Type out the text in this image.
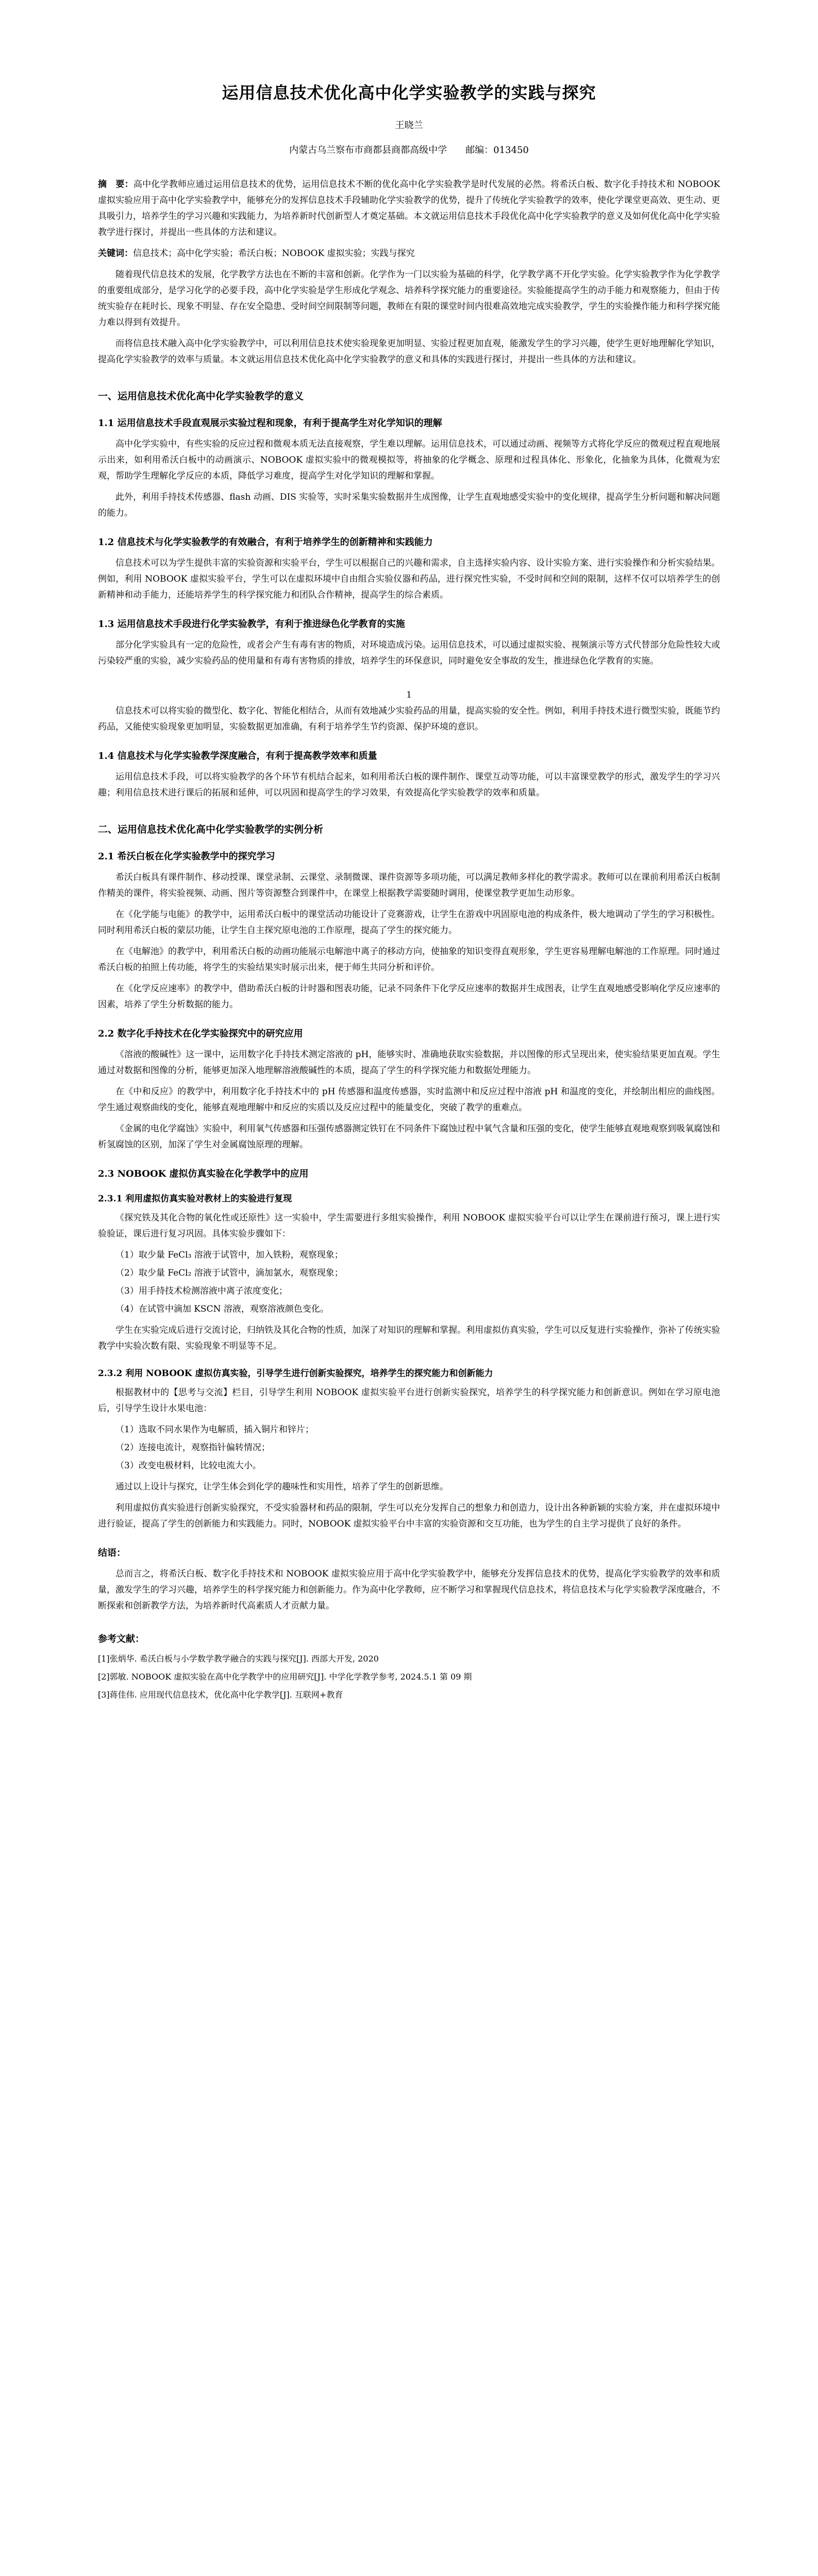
运用信息技术优化高中化学实验教学的实践与探究
王晓兰
内蒙古乌兰察布市商都县商都高级中学　　邮编：013450
摘　要：高中化学教师应通过运用信息技术的优势，运用信息技术不断的优化高中化学实验教学是时代发展的必然。将希沃白板、数字化手持技术和 NOBOOK 虚拟实验应用于高中化学实验教学中，能够充分的发挥信息技术手段辅助化学实验教学的优势，提升了传统化学实验教学的效率，使化学课堂更高效、更生动、更具吸引力，培养学生的学习兴趣和实践能力，为培养新时代创新型人才奠定基础。本文就运用信息技术手段优化高中化学实验教学的意义及如何优化高中化学实验教学进行探讨，并提出一些具体的方法和建议。
关键词：信息技术；高中化学实验；希沃白板；NOBOOK 虚拟实验；实践与探究
随着现代信息技术的发展，化学教学方法也在不断的丰富和创新。化学作为一门以实验为基础的科学，化学教学离不开化学实验。化学实验教学作为化学教学的重要组成部分，是学习化学的必要手段，高中化学实验是学生形成化学观念、培养科学探究能力的重要途径。实验能提高学生的动手能力和观察能力，但由于传统实验存在耗时长、现象不明显、存在安全隐患、受时间空间限制等问题，教师在有限的课堂时间内很难高效地完成实验教学，学生的实验操作能力和科学探究能力难以得到有效提升。
而将信息技术融入高中化学实验教学中，可以利用信息技术使实验现象更加明显、实验过程更加直观，能激发学生的学习兴趣，使学生更好地理解化学知识，提高化学实验教学的效率与质量。本文就运用信息技术优化高中化学实验教学的意义和具体的实践进行探讨，并提出一些具体的方法和建议。
一、运用信息技术优化高中化学实验教学的意义
1.1 运用信息技术手段直观展示实验过程和现象，有利于提高学生对化学知识的理解
高中化学实验中，有些实验的反应过程和微观本质无法直接观察，学生难以理解。运用信息技术，可以通过动画、视频等方式将化学反应的微观过程直观地展示出来，如利用希沃白板中的动画演示、NOBOOK 虚拟实验中的微观模拟等，将抽象的化学概念、原理和过程具体化、形象化，化抽象为具体，化微观为宏观，帮助学生理解化学反应的本质，降低学习难度，提高学生对化学知识的理解和掌握。
此外，利用手持技术传感器、flash 动画、DIS 实验等，实时采集实验数据并生成图像，让学生直观地感受实验中的变化规律，提高学生分析问题和解决问题的能力。
1.2 信息技术与化学实验教学的有效融合，有利于培养学生的创新精神和实践能力
信息技术可以为学生提供丰富的实验资源和实验平台，学生可以根据自己的兴趣和需求，自主选择实验内容、设计实验方案、进行实验操作和分析实验结果。例如，利用 NOBOOK 虚拟实验平台，学生可以在虚拟环境中自由组合实验仪器和药品，进行探究性实验，不受时间和空间的限制，这样不仅可以培养学生的创新精神和动手能力，还能培养学生的科学探究能力和团队合作精神，提高学生的综合素质。
1.3 运用信息技术手段进行化学实验教学，有利于推进绿色化学教育的实施
部分化学实验具有一定的危险性，或者会产生有毒有害的物质，对环境造成污染。运用信息技术，可以通过虚拟实验、视频演示等方式代替部分危险性较大或污染较严重的实验，减少实验药品的使用量和有毒有害物质的排放，培养学生的环保意识，同时避免安全事故的发生，推进绿色化学教育的实施。
1
信息技术可以将实验的微型化、数字化、智能化相结合，从而有效地减少实验药品的用量，提高实验的安全性。例如，利用手持技术进行微型实验，既能节约药品，又能使实验现象更加明显，实验数据更加准确，有利于培养学生节约资源、保护环境的意识。
1.4 信息技术与化学实验教学深度融合，有利于提高教学效率和质量
运用信息技术手段，可以将实验教学的各个环节有机结合起来，如利用希沃白板的课件制作、课堂互动等功能，可以丰富课堂教学的形式，激发学生的学习兴趣；利用信息技术进行课后的拓展和延伸，可以巩固和提高学生的学习效果，有效提高化学实验教学的效率和质量。
二、运用信息技术优化高中化学实验教学的实例分析
2.1 希沃白板在化学实验教学中的探究学习
希沃白板具有课件制作、移动授课、课堂录制、云课堂、录制微课、课件资源等多项功能，可以满足教师多样化的教学需求。教师可以在课前利用希沃白板制作精美的课件，将实验视频、动画、图片等资源整合到课件中，在课堂上根据教学需要随时调用，使课堂教学更加生动形象。
在《化学能与电能》的教学中，运用希沃白板中的课堂活动功能设计了竞赛游戏，让学生在游戏中巩固原电池的构成条件，极大地调动了学生的学习积极性。同时利用希沃白板的蒙层功能，让学生自主探究原电池的工作原理，提高了学生的探究能力。
在《电解池》的教学中，利用希沃白板的动画功能展示电解池中离子的移动方向，使抽象的知识变得直观形象，学生更容易理解电解池的工作原理。同时通过希沃白板的拍照上传功能，将学生的实验结果实时展示出来，便于师生共同分析和评价。
在《化学反应速率》的教学中，借助希沃白板的计时器和图表功能，记录不同条件下化学反应速率的数据并生成图表，让学生直观地感受影响化学反应速率的因素，培养了学生分析数据的能力。
2.2 数字化手持技术在化学实验探究中的研究应用
《溶液的酸碱性》这一课中，运用数字化手持技术测定溶液的 pH，能够实时、准确地获取实验数据，并以图像的形式呈现出来，使实验结果更加直观。学生通过对数据和图像的分析，能够更加深入地理解溶液酸碱性的本质，提高了学生的科学探究能力和数据处理能力。
在《中和反应》的教学中，利用数字化手持技术中的 pH 传感器和温度传感器，实时监测中和反应过程中溶液 pH 和温度的变化，并绘制出相应的曲线图。学生通过观察曲线的变化，能够直观地理解中和反应的实质以及反应过程中的能量变化，突破了教学的重难点。
《金属的电化学腐蚀》实验中，利用氧气传感器和压强传感器测定铁钉在不同条件下腐蚀过程中氧气含量和压强的变化，使学生能够直观地观察到吸氧腐蚀和析氢腐蚀的区别，加深了学生对金属腐蚀原理的理解。
2.3 NOBOOK 虚拟仿真实验在化学教学中的应用
2.3.1 利用虚拟仿真实验对教材上的实验进行复现
《探究铁及其化合物的氧化性或还原性》这一实验中，学生需要进行多组实验操作，利用 NOBOOK 虚拟实验平台可以让学生在课前进行预习，课上进行实验验证，课后进行复习巩固。具体实验步骤如下：
（1）取少量 FeCl₃ 溶液于试管中，加入铁粉，观察现象；
（2）取少量 FeCl₂ 溶液于试管中，滴加氯水，观察现象；
（3）用手持技术检测溶液中离子浓度变化；
（4）在试管中滴加 KSCN 溶液，观察溶液颜色变化。
学生在实验完成后进行交流讨论，归纳铁及其化合物的性质，加深了对知识的理解和掌握。利用虚拟仿真实验，学生可以反复进行实验操作，弥补了传统实验教学中实验次数有限、实验现象不明显等不足。
2.3.2 利用 NOBOOK 虚拟仿真实验，引导学生进行创新实验探究，培养学生的探究能力和创新能力
根据教材中的【思考与交流】栏目，引导学生利用 NOBOOK 虚拟实验平台进行创新实验探究，培养学生的科学探究能力和创新意识。例如在学习原电池后，引导学生设计水果电池：
（1）选取不同水果作为电解质，插入铜片和锌片；
（2）连接电流计，观察指针偏转情况；
（3）改变电极材料，比较电流大小。
通过以上设计与探究，让学生体会到化学的趣味性和实用性，培养了学生的创新思维。
利用虚拟仿真实验进行创新实验探究，不受实验器材和药品的限制，学生可以充分发挥自己的想象力和创造力，设计出各种新颖的实验方案，并在虚拟环境中进行验证，提高了学生的创新能力和实践能力。同时，NOBOOK 虚拟实验平台中丰富的实验资源和交互功能，也为学生的自主学习提供了良好的条件。
结语：
总而言之，将希沃白板、数字化手持技术和 NOBOOK 虚拟实验应用于高中化学实验教学中，能够充分发挥信息技术的优势，提高化学实验教学的效率和质量，激发学生的学习兴趣，培养学生的科学探究能力和创新能力。作为高中化学教师，应不断学习和掌握现代信息技术，将信息技术与化学实验教学深度融合，不断探索和创新教学方法，为培养新时代高素质人才贡献力量。
参考文献：
[1]张炳华. 希沃白板与小学数学教学融合的实践与探究[J]. 西部大开发, 2020
[2]郭敏. NOBOOK 虚拟实验在高中化学教学中的应用研究[J]. 中学化学教学参考, 2024.5.1 第 09 期
[3]蒋佳伟. 应用现代信息技术，优化高中化学教学[J]. 互联网+教育
